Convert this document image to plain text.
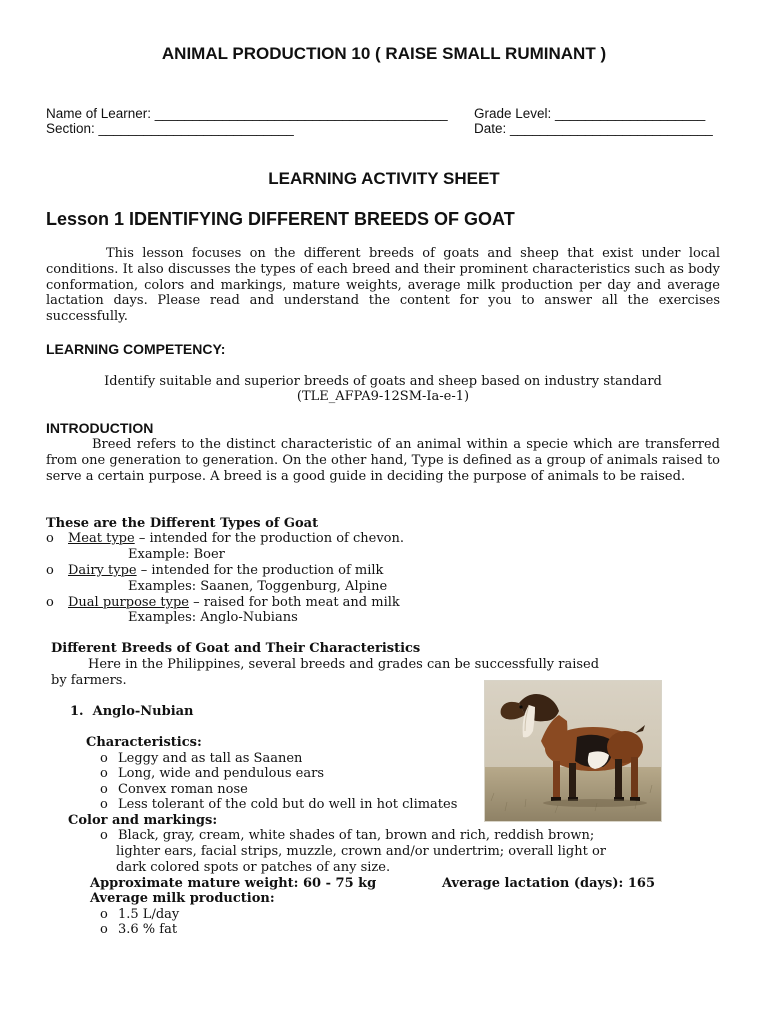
ANIMAL PRODUCTION 10 ( RAISE SMALL RUMINANT )
Name of Learner: _______________________________________ Grade Level: ____________________
Section: __________________________	Date: ___________________________
LEARNING ACTIVITY SHEET
Lesson 1 IDENTIFYING DIFFERENT BREEDS OF GOAT
This lesson focuses on the different breeds of goats and sheep that exist under local conditions. It also discusses the types of each breed and their prominent characteristics such as body conformation, colors and markings, mature weights, average milk production per day and average lactation days. Please read and understand the content for you to answer all the exercises successfully.
LEARNING COMPETENCY:
Identify suitable and superior breeds of goats and sheep based on industry standard
(TLE_AFPA9-12SM-Ia-e-1)
INTRODUCTION
Breed refers to the distinct characteristic of an animal within a specie which are transferred from one generation to generation. On the other hand, Type is defined as a group of animals raised to serve a certain purpose. A breed is a good guide in deciding the purpose of animals to be raised.
These are the Different Types of Goat
o Meat type – intended for the production of chevon.
Example: Boer
o Dairy type – intended for the production of milk
Examples: Saanen, Toggenburg, Alpine
o Dual purpose type – raised for both meat and milk
Examples: Anglo-Nubians
Different Breeds of Goat and Their Characteristics
Here in the Philippines, several breeds and grades can be successfully raised
by farmers.
1. Anglo-Nubian
Characteristics:
o Leggy and as tall as Saanen
o Long, wide and pendulous ears
o Convex roman nose
o Less tolerant of the cold but do well in hot climates
Color and markings:
o Black, gray, cream, white shades of tan, brown and rich, reddish brown;
lighter ears, facial strips, muzzle, crown and/or undertrim; overall light or
dark colored spots or patches of any size.
Approximate mature weight: 60 - 75 kg	Average lactation (days): 165
Average milk production:
o 1.5 L/day
o 3.6 % fat
